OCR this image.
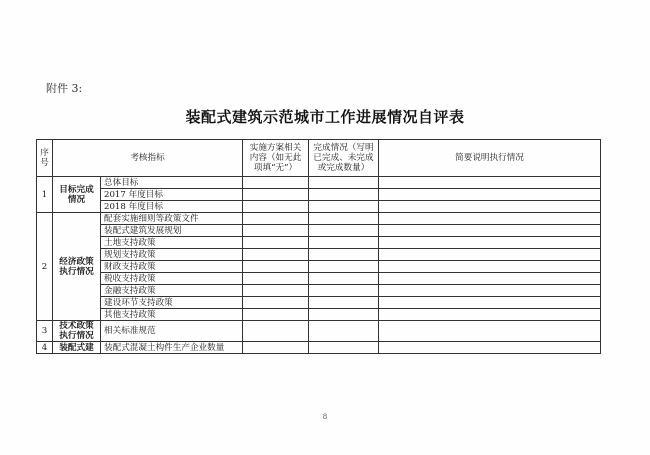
附件 3:
装配式建筑示范城市工作进展情况自评表
序号	考核指标		实施方案相关内容（如无此项填“无”）	完成情况（写明已完成、未完成或完成数量）	简要说明执行情况
1	目标完成情况	总体目标			
		2017 年度目标			
		2018 年度目标			
2	经济政策执行情况	配套实施细则等政策文件			
		装配式建筑发展规划			
		土地支持政策			
		规划支持政策			
		财政支持政策			
		税收支持政策			
		金融支持政策			
		建设环节支持政策			
		其他支持政策			
3	技术政策执行情况	相关标准规范			
4	装配式建	装配式混凝土构件生产企业数量			
8
